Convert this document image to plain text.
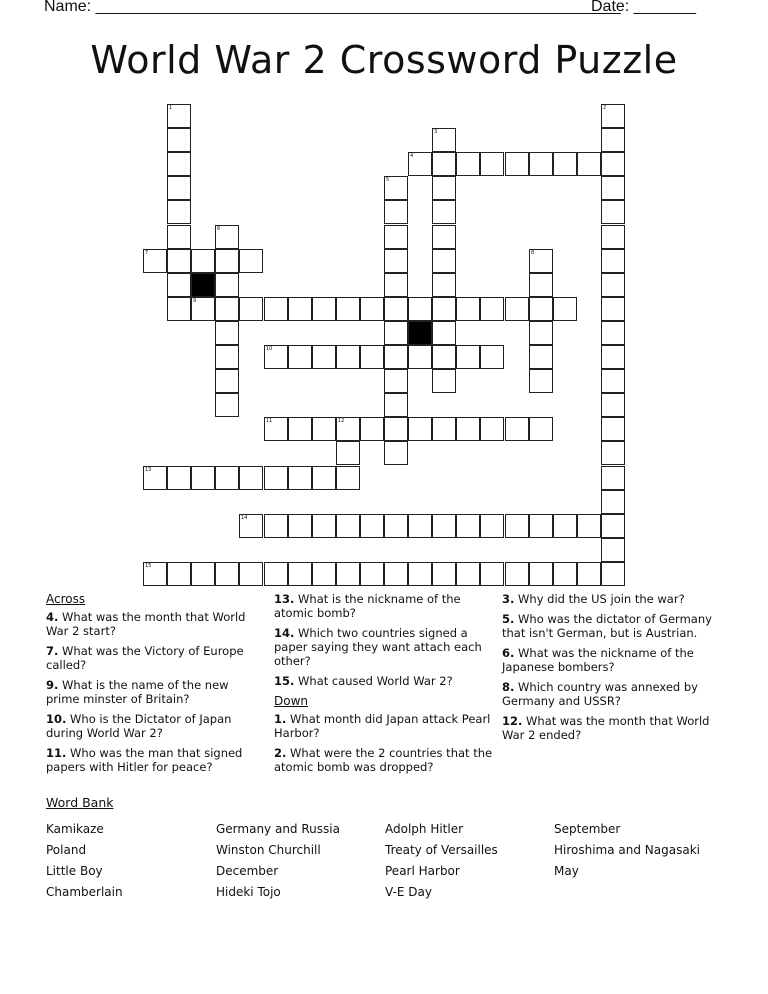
Name: ___________________________________________________________
Date: _______
World War 2 Crossword Puzzle
1	2
3
4
5
6
7	8
9
10
11	12
13
14
15
Across
4. What was the month that World War 2 start?
7. What was the Victory of Europe called?
9. What is the name of the new prime minster of Britain?
10. Who is the Dictator of Japan during World War 2?
11. Who was the man that signed papers with Hitler for peace?
13. What is the nickname of the atomic bomb?
14. Which two countries signed a paper saying they want attach each other?
15. What caused World War 2?
Down
1. What month did Japan attack Pearl Harbor?
2. What were the 2 countries that the atomic bomb was dropped?
3. Why did the US join the war?
5. Who was the dictator of Germany that isn't German, but is Austrian.
6. What was the nickname of the Japanese bombers?
8. Which country was annexed by Germany and USSR?
12. What was the month that World War 2 ended?
Word Bank
Kamikaze
Poland
Little Boy
Chamberlain
Germany and Russia
Winston Churchill
December
Hideki Tojo
Adolph Hitler
Treaty of Versailles
Pearl Harbor
V-E Day
September
Hiroshima and Nagasaki
May
